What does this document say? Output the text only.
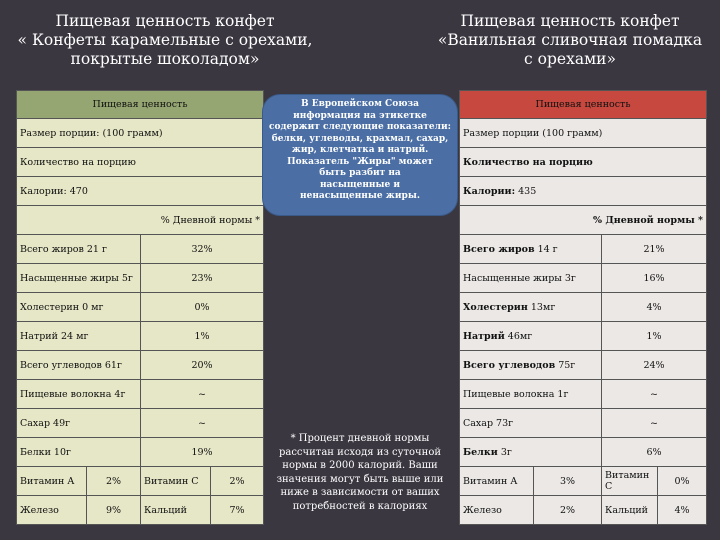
Пищевая ценность конфет
« Конфеты карамельные с орехами,
покрытые шоколадом»
Пищевая ценность конфет
«Ванильная сливочная помадка
с орехами»
Пищевая ценность			
Размер порции: (100 грамм)			
Количество на порцию			
Калории: 470			
% Дневной нормы *			
Всего жиров 21 г		32%	
Насыщенные жиры 5г		23%	
Холестерин 0 мг		0%	
Натрий 24 мг		1%	
Всего углеводов 61г		20%	
Пищевые волокна 4г		~	
Сахар 49г		~	
Белки 10г		19%	
Витамин А	2%	Витамин С	2%
Железо	9%	Кальций	7%
Пищевая ценность			
Размер порции (100 грамм)			
Количество на порцию			
Калории: 435			
% Дневной нормы *			
Всего жиров 14 г		21%	
Насыщенные жиры 3г		16%	
Холестерин 13мг		4%	
Натрий 46мг		1%	
Всего углеводов 75г		24%	
Пищевые волокна 1г		~	
Сахар 73г		~	
Белки 3г		6%	
Витамин А	3%	Витамин С	0%
Железо	2%	Кальций	4%
В Европейском Союза
информация на этикетке
содержит следующие показатели:
белки, углеводы, крахмал, сахар,
жир, клетчатка и натрий.
Показатель "Жиры" может
быть разбит на
насыщенные и
ненасыщенные жиры.
* Процент дневной нормы
рассчитан исходя из суточной
нормы в 2000 калорий. Ваши
значения могут быть выше или
ниже в зависимости от ваших
потребностей в калориях
